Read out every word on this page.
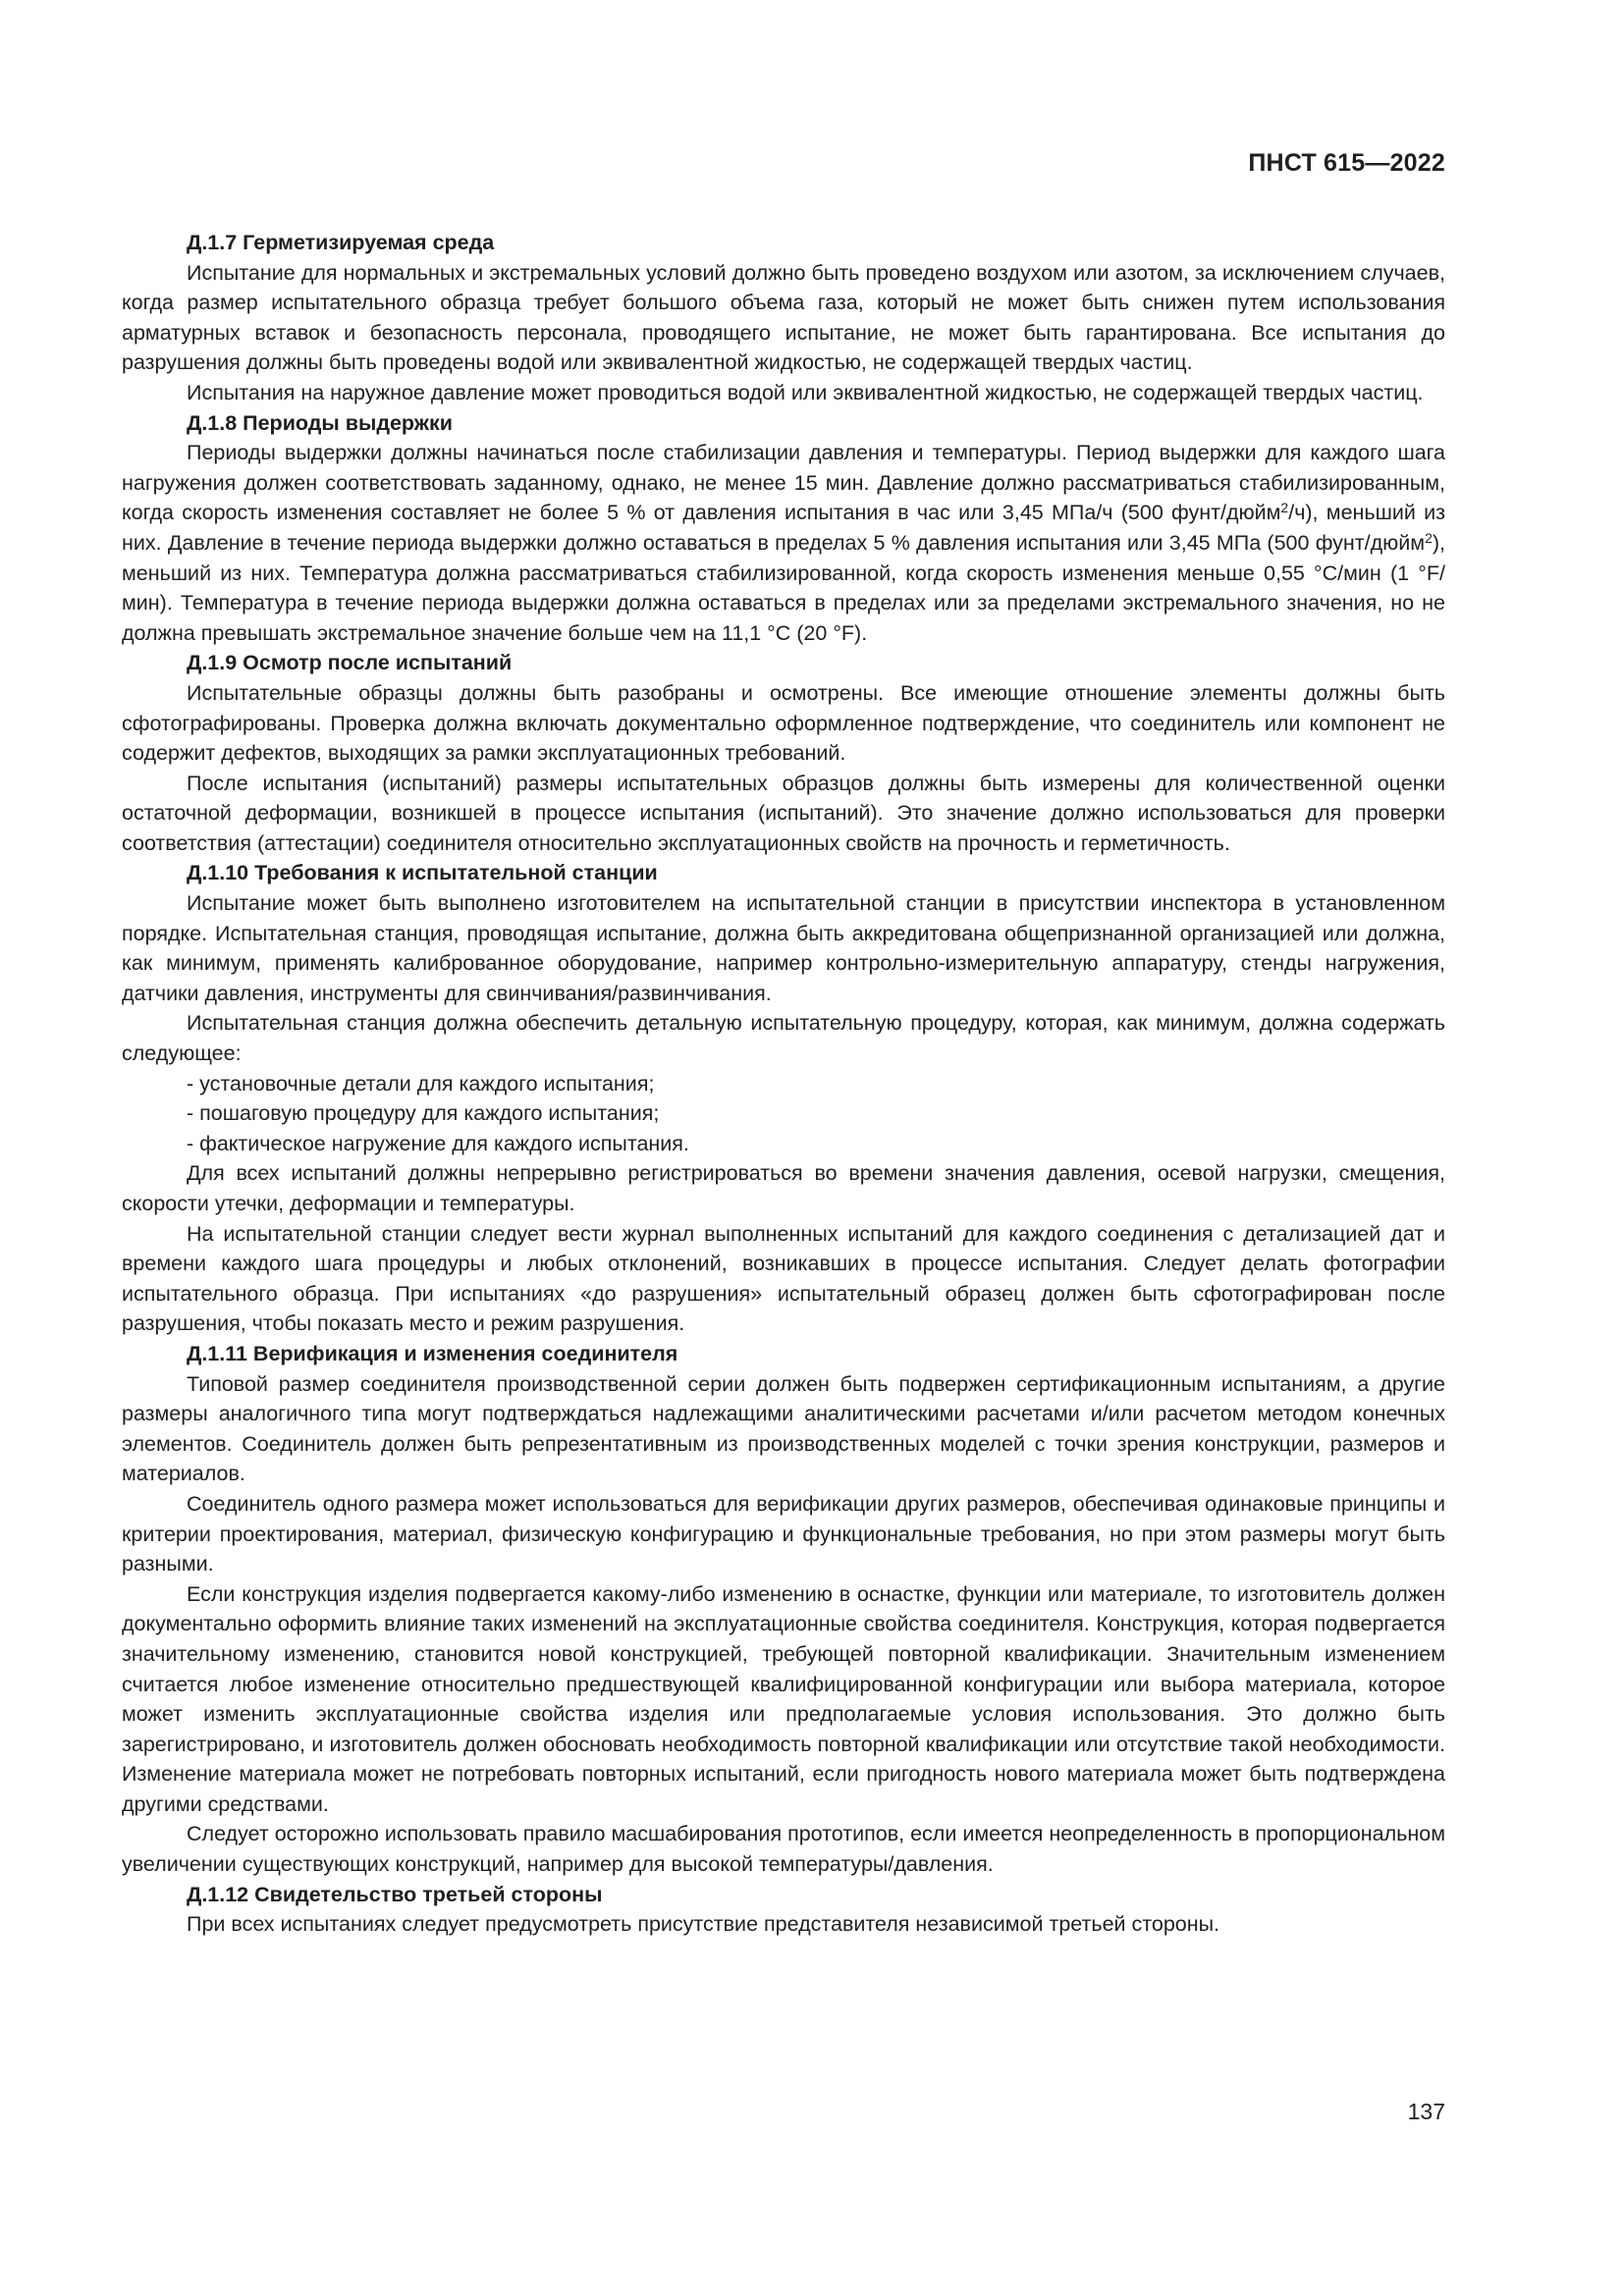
ПНСТ 615—2022

Д.1.7 Герметизируемая среда

Испытание для нормальных и экстремальных условий должно быть проведено воздухом или азотом, за исключением случаев, когда размер испытательного образца требует большого объема газа, который не может быть снижен путем использования арматурных вставок и безопасность персонала, проводящего испытание, не может быть гарантирована. Все испытания до разрушения должны быть проведены водой или эквивалентной жидкостью, не содержащей твердых частиц.

Испытания на наружное давление может проводиться водой или эквивалентной жидкостью, не содержащей твердых частиц.

Д.1.8 Периоды выдержки

Периоды выдержки должны начинаться после стабилизации давления и температуры. Период выдержки для каждого шага нагружения должен соответствовать заданному, однако, не менее 15 мин. Давление должно рассматриваться стабилизированным, когда скорость изменения составляет не более 5 % от давления испытания в час или 3,45 МПа/ч (500 фунт/дюйм$^2$/ч), меньший из них. Давление в течение периода выдержки должно оставаться в пределах 5 % давления испытания или 3,45 МПа (500 фунт/дюйм$^2$), меньший из них. Температура должна рассматриваться стабилизированной, когда скорость изменения меньше 0,55 °С/мин (1 °F/мин). Температура в течение периода выдержки должна оставаться в пределах или за пределами экстремального значения, но не должна превышать экстремальное значение больше чем на 11,1 °С (20 °F).

Д.1.9 Осмотр после испытаний

Испытательные образцы должны быть разобраны и осмотрены. Все имеющие отношение элементы должны быть сфотографированы. Проверка должна включать документально оформленное подтверждение, что соединитель или компонент не содержит дефектов, выходящих за рамки эксплуатационных требований.

После испытания (испытаний) размеры испытательных образцов должны быть измерены для количественной оценки остаточной деформации, возникшей в процессе испытания (испытаний). Это значение должно использоваться для проверки соответствия (аттестации) соединителя относительно эксплуатационных свойств на прочность и герметичность.

Д.1.10 Требования к испытательной станции

Испытание может быть выполнено изготовителем на испытательной станции в присутствии инспектора в установленном порядке. Испытательная станция, проводящая испытание, должна быть аккредитована общепризнанной организацией или должна, как минимум, применять калиброванное оборудование, например контрольно-измерительную аппаратуру, стенды нагружения, датчики давления, инструменты для свинчивания/развинчивания.

Испытательная станция должна обеспечить детальную испытательную процедуру, которая, как минимум, должна содержать следующее:

- установочные детали для каждого испытания;

- пошаговую процедуру для каждого испытания;

- фактическое нагружение для каждого испытания.

Для всех испытаний должны непрерывно регистрироваться во времени значения давления, осевой нагрузки, смещения, скорости утечки, деформации и температуры.

На испытательной станции следует вести журнал выполненных испытаний для каждого соединения с детализацией дат и времени каждого шага процедуры и любых отклонений, возникавших в процессе испытания. Следует делать фотографии испытательного образца. При испытаниях «до разрушения» испытательный образец должен быть сфотографирован после разрушения, чтобы показать место и режим разрушения.

Д.1.11 Верификация и изменения соединителя

Типовой размер соединителя производственной серии должен быть подвержен сертификационным испытаниям, а другие размеры аналогичного типа могут подтверждаться надлежащими аналитическими расчетами и/или расчетом методом конечных элементов. Соединитель должен быть репрезентативным из производственных моделей с точки зрения конструкции, размеров и материалов.

Соединитель одного размера может использоваться для верификации других размеров, обеспечивая одинаковые принципы и критерии проектирования, материал, физическую конфигурацию и функциональные требования, но при этом размеры могут быть разными.

Если конструкция изделия подвергается какому-либо изменению в оснастке, функции или материале, то изготовитель должен документально оформить влияние таких изменений на эксплуатационные свойства соединителя. Конструкция, которая подвергается значительному изменению, становится новой конструкцией, требующей повторной квалификации. Значительным изменением считается любое изменение относительно предшествующей квалифицированной конфигурации или выбора материала, которое может изменить эксплуатационные свойства изделия или предполагаемые условия использования. Это должно быть зарегистрировано, и изготовитель должен обосновать необходимость повторной квалификации или отсутствие такой необходимости. Изменение материала может не потребовать повторных испытаний, если пригодность нового материала может быть подтверждена другими средствами.

Следует осторожно использовать правило масшабирования прототипов, если имеется неопределенность в пропорциональном увеличении существующих конструкций, например для высокой температуры/давления.

Д.1.12 Свидетельство третьей стороны

При всех испытаниях следует предусмотреть присутствие представителя независимой третьей стороны.

137
